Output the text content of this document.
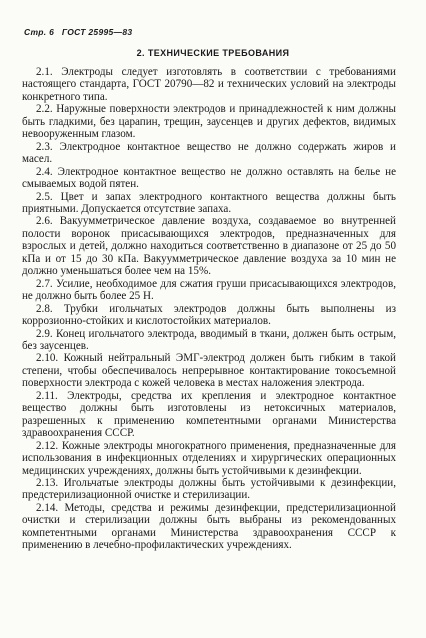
Стр. 6 ГОСТ 25995—83
2. ТЕХНИЧЕСКИЕ ТРЕБОВАНИЯ

2.1. Электроды следует изготовлять в соответствии с требованиями настоящего стандарта, ГОСТ 20790—82 и технических условий на электроды конкретного типа.

2.2. Наружные поверхности электродов и принадлежностей к ним должны быть гладкими, без царапин, трещин, заусенцев и других дефектов, видимых невооруженным глазом.

2.3. Электродное контактное вещество не должно содержать жиров и масел.

2.4. Электродное контактное вещество не должно оставлять на белье не смываемых водой пятен.

2.5. Цвет и запах электродного контактного вещества должны быть приятными. Допускается отсутствие запаха.

2.6. Вакуумметрическое давление воздуха, создаваемое во внутренней полости воронок присасывающихся электродов, предназначенных для взрослых и детей, должно находиться соответственно в диапазоне от 25 до 50 кПа и от 15 до 30 кПа. Вакуумметрическое давление воздуха за 10 мин не должно уменьшаться более чем на 15%.

2.7. Усилие, необходимое для сжатия груши присасывающихся электродов, не должно быть более 25 Н.

2.8. Трубки игольчатых электродов должны быть выполнены из коррозионно-стойких и кислотостойких материалов.

2.9. Конец игольчатого электрода, вводимый в ткани, должен быть острым, без заусенцев.

2.10. Кожный нейтральный ЭМГ-электрод должен быть гибким в такой степени, чтобы обеспечивалось непрерывное контактирование токосъемной поверхности электрода с кожей человека в местах наложения электрода.

2.11. Электроды, средства их крепления и электродное контактное вещество должны быть изготовлены из нетоксичных материалов, разрешенных к применению компетентными органами Министерства здравоохранения СССР.

2.12. Кожные электроды многократного применения, предназначенные для использования в инфекционных отделениях и хирургических операционных медицинских учреждениях, должны быть устойчивыми к дезинфекции.

2.13. Игольчатые электроды должны быть устойчивыми к дезинфекции, предстерилизационной очистке и стерилизации.

2.14. Методы, средства и режимы дезинфекции, предстерилизационной очистки и стерилизации должны быть выбраны из рекомендованных компетентными органами Министерства здравоохранения СССР к применению в лечебно-профилактических учреждениях.
